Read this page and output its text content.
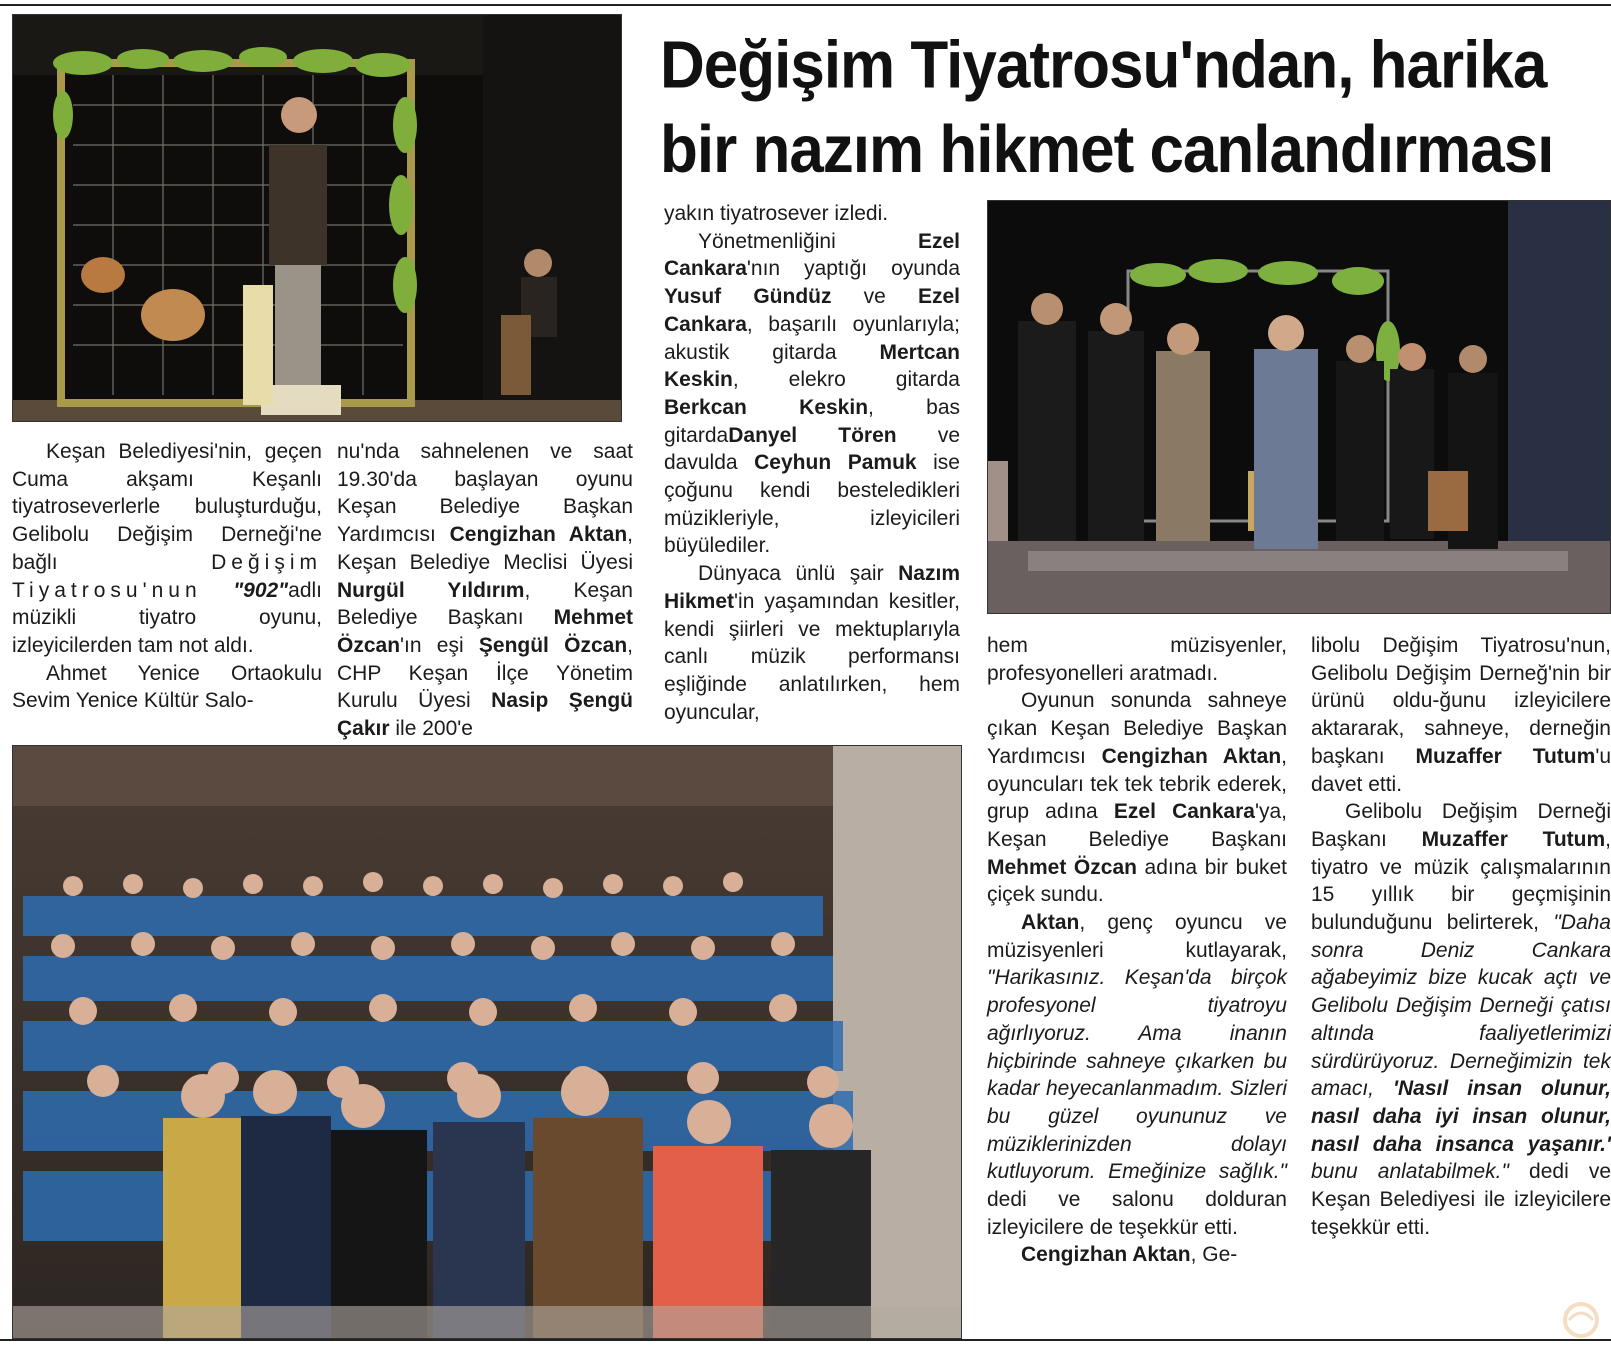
Değişim Tiyatrosu'ndan, harika
bir nazım hikmet canlandırması

Keşan Belediyesi'nin, geçen Cuma akşamı Keşanlı tiyatroseverlerle buluşturduğu, Gelibolu Değişim Derneği'ne bağlı Değişim Tiyatrosu'nun "902"adlı müzikli tiyatro oyunu, izleyicilerden tam not aldı.

Ahmet Yenice Ortaokulu Sevim Yenice Kültür Salo-

nu'nda sahnelenen ve saat 19.30'da başlayan oyunu Keşan Belediye Başkan Yardımcısı Cengizhan Aktan, Keşan Belediye Meclisi Üyesi Nurgül Yıldırım, Keşan Belediye Başkanı Mehmet Özcan'ın eşi Şengül Özcan, CHP Keşan İlçe Yönetim Kurulu Üyesi Nasip Şengü Çakır ile 200'e

yakın tiyatrosever izledi.

Yönetmenliğini Ezel Cankara'nın yaptığı oyunda Yusuf Gündüz ve Ezel Cankara, başarılı oyunlarıyla; akustik gitarda Mertcan Keskin, elekro gitarda Berkcan Keskin, bas gitardaDanyel Tören ve davulda Ceyhun Pamuk ise çoğunu kendi besteledikleri müzikleriyle, izleyicileri büyülediler.

Dünyaca ünlü şair Nazım Hikmet'in yaşamından kesitler, kendi şiirleri ve mektuplarıyla canlı müzik performansı eşliğinde anlatılırken, hem oyuncular,

hem müzisyenler, profesyonelleri aratmadı.

Oyunun sonunda sahneye çıkan Keşan Belediye Başkan Yardımcısı Cengizhan Aktan, oyuncuları tek tek tebrik ederek, grup adına Ezel Cankara'ya, Keşan Belediye Başkanı Mehmet Özcan adına bir buket çiçek sundu.

Aktan, genç oyuncu ve müzisyenleri kutlayarak, "Harikasınız. Keşan'da birçok profesyonel tiyatroyu ağırlıyoruz. Ama inanın hiçbirinde sahneye çıkarken bu kadar heyecanlanmadım. Sizleri bu güzel oyununuz ve müziklerinizden dolayı kutluyorum. Emeğinize sağlık." dedi ve salonu dolduran izleyicilere de teşekkür etti.

Cengizhan Aktan, Ge-

libolu Değişim Tiyatrosu'nun, Gelibolu Değişim Derneğ'nin bir ürünü oldu-ğunu izleyicilere aktararak, sahneye, derneğin başkanı Muzaffer Tutum'u davet etti.

Gelibolu Değişim Derneği Başkanı Muzaffer Tutum, tiyatro ve müzik çalışmalarının 15 yıllık bir geçmişinin bulunduğunu belirterek, "Daha sonra Deniz Cankara ağabeyimiz bize kucak açtı ve Gelibolu Değişim Derneği çatısı altında faaliyetlerimizi sürdürüyoruz. Derneğimizin tek amacı, 'Nasıl insan olunur, nasıl daha iyi insan olunur, nasıl daha insanca yaşanır.' bunu anlatabilmek." dedi ve Keşan Belediyesi ile izleyicilere teşekkür etti.
